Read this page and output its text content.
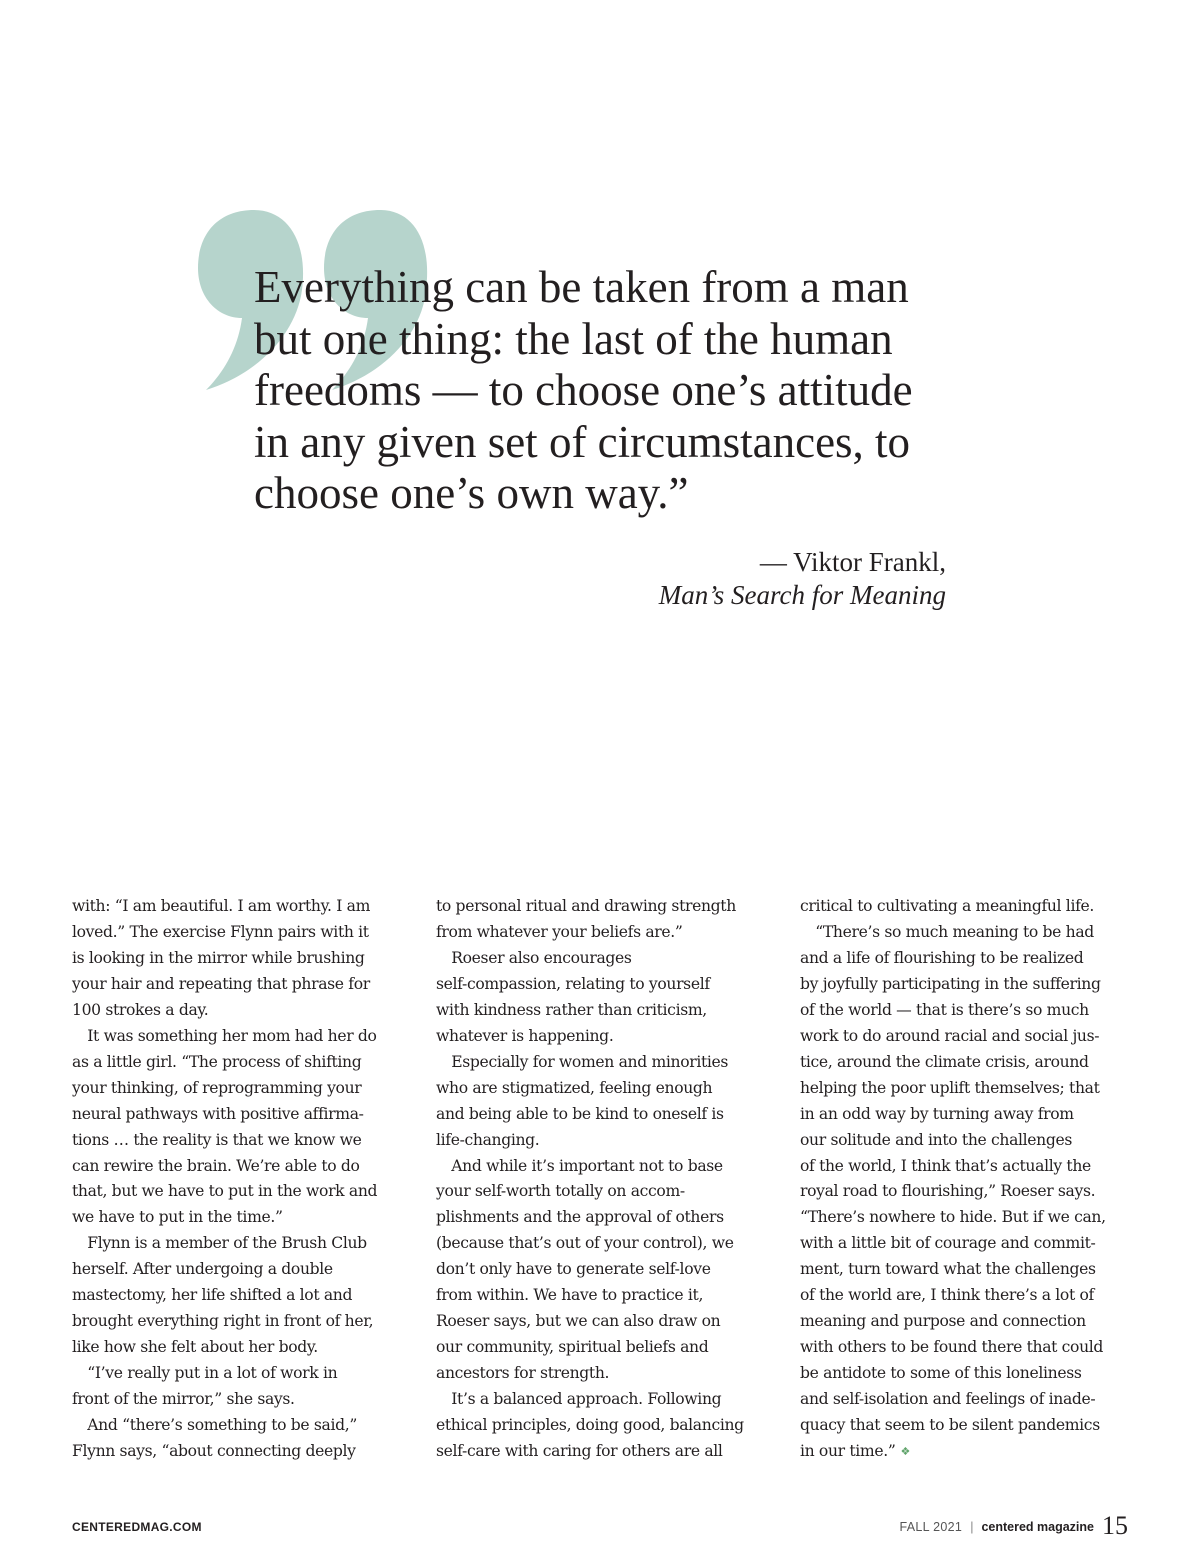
Everything can be taken from a man
but one thing: the last of the human
freedoms — to choose one’s attitude
in any given set of circumstances, to
choose one’s own way.”
— Viktor Frankl,
Man’s Search for Meaning
with: “I am beautiful. I am worthy. I am
loved.” The exercise Flynn pairs with it
is looking in the mirror while brushing
your hair and repeating that phrase for
100 strokes a day.
 It was something her mom had her do
as a little girl. “The process of shifting
your thinking, of reprogramming your
neural pathways with positive affirma-
tions … the reality is that we know we
can rewire the brain. We’re able to do
that, but we have to put in the work and
we have to put in the time.”
 Flynn is a member of the Brush Club
herself. After undergoing a double
mastectomy, her life shifted a lot and
brought everything right in front of her,
like how she felt about her body.
 “I’ve really put in a lot of work in
front of the mirror,” she says.
 And “there’s something to be said,”
Flynn says, “about connecting deeply
to personal ritual and drawing strength
from whatever your beliefs are.”
 Roeser also encourages
self-compassion, relating to yourself
with kindness rather than criticism,
whatever is happening.
 Especially for women and minorities
who are stigmatized, feeling enough
and being able to be kind to oneself is
life-changing.
 And while it’s important not to base
your self-worth totally on accom-
plishments and the approval of others
(because that’s out of your control), we
don’t only have to generate self-love
from within. We have to practice it,
Roeser says, but we can also draw on
our community, spiritual beliefs and
ancestors for strength.
 It’s a balanced approach. Following
ethical principles, doing good, balancing
self-care with caring for others are all
critical to cultivating a meaningful life.
 “There’s so much meaning to be had
and a life of flourishing to be realized
by joyfully participating in the suffering
of the world — that is there’s so much
work to do around racial and social jus-
tice, around the climate crisis, around
helping the poor uplift themselves; that
in an odd way by turning away from
our solitude and into the challenges
of the world, I think that’s actually the
royal road to flourishing,” Roeser says.
“There’s nowhere to hide. But if we can,
with a little bit of courage and commit-
ment, turn toward what the challenges
of the world are, I think there’s a lot of
meaning and purpose and connection
with others to be found there that could
be antidote to some of this loneliness
and self-isolation and feelings of inade-
quacy that seem to be silent pandemics
in our time.” ❖
CENTEREDMAG.COM	FALL 2021 | centered magazine 15
